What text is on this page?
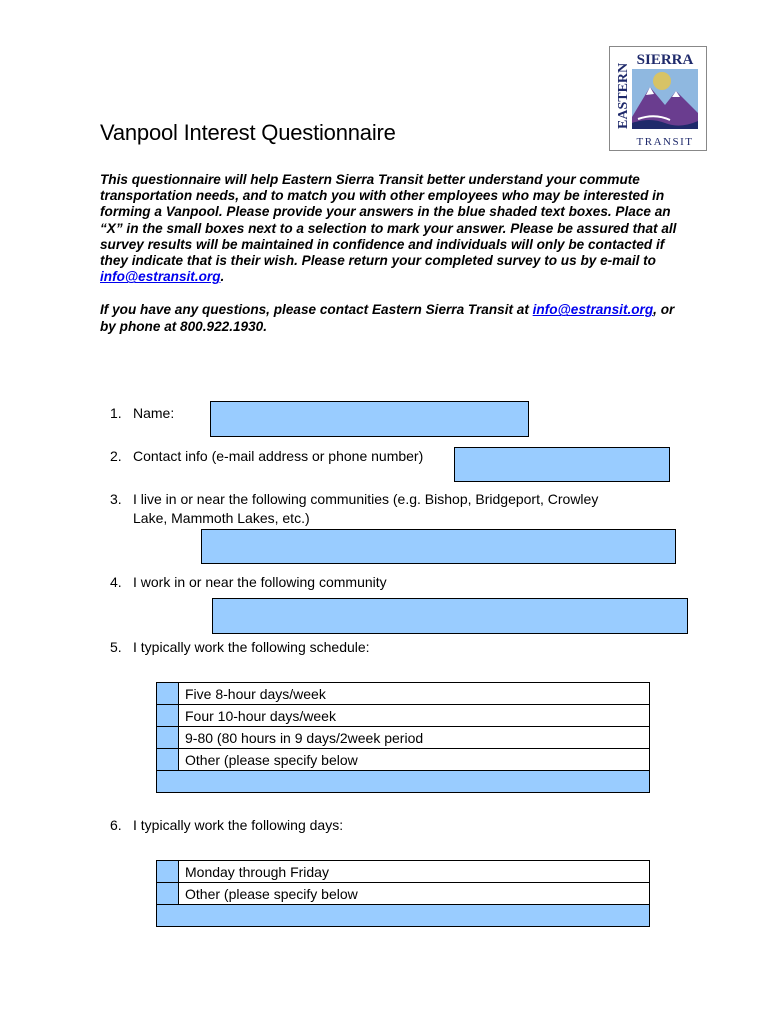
SIERRA
EASTERN
TRANSIT
Vanpool Interest Questionnaire

This questionnaire will help Eastern Sierra Transit better understand your commute transportation needs, and to match you with other employees who may be interested in forming a Vanpool. Please provide your answers in the blue shaded text boxes. Place an “X” in the small boxes next to a selection to mark your answer. Please be assured that all survey results will be maintained in confidence and individuals will only be contacted if they indicate that is their wish. Please return your completed survey to us by e-mail to info@estransit.org.

If you have any questions, please contact Eastern Sierra Transit at info@estransit.org, or by phone at 800.922.1930.

1. Name:
2. Contact info (e-mail address or phone number)
3. I live in or near the following communities (e.g. Bishop, Bridgeport, Crowley
Lake, Mammoth Lakes, etc.)
4. I work in or near the following community
5. I typically work the following schedule:
	Five 8-hour days/week
	Four 10-hour days/week
	9-80 (80 hours in 9 days/2week period
	Other (please specify below

6. I typically work the following days:
	Monday through Friday
	Other (please specify below
